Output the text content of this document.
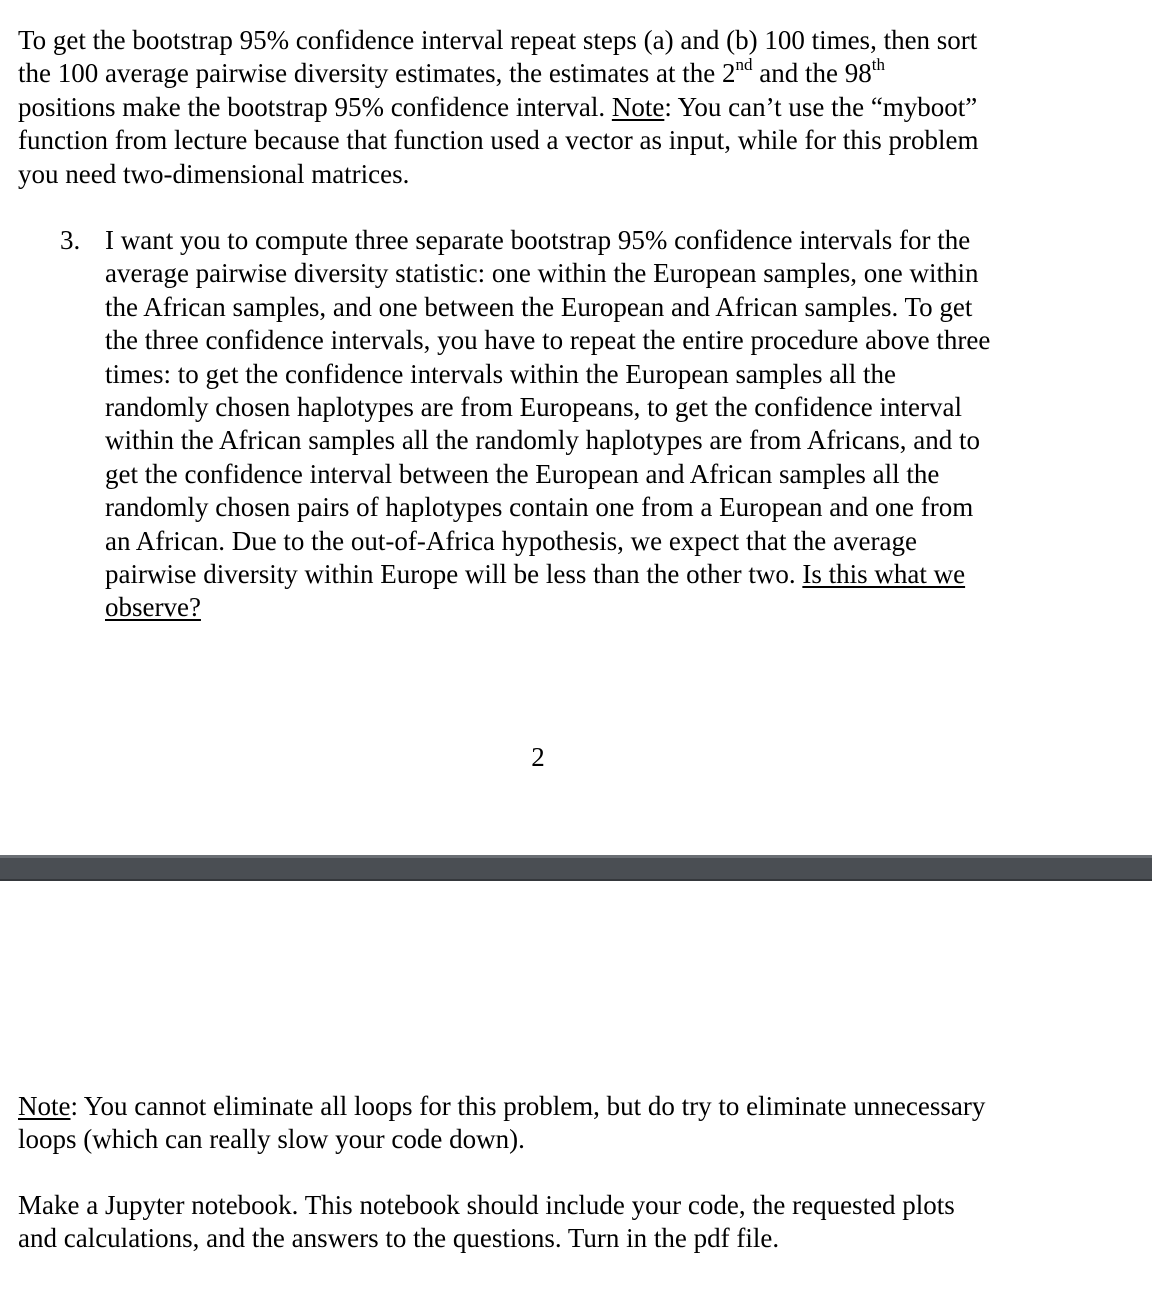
To get the bootstrap 95% confidence interval repeat steps (a) and (b) 100 times, then sort
the 100 average pairwise diversity estimates, the estimates at the 2nd and the 98th
positions make the bootstrap 95% confidence interval. Note: You can’t use the “myboot”
function from lecture because that function used a vector as input, while for this problem
you need two-dimensional matrices.
3. I want you to compute three separate bootstrap 95% confidence intervals for the
average pairwise diversity statistic: one within the European samples, one within
the African samples, and one between the European and African samples. To get
the three confidence intervals, you have to repeat the entire procedure above three
times: to get the confidence intervals within the European samples all the
randomly chosen haplotypes are from Europeans, to get the confidence interval
within the African samples all the randomly haplotypes are from Africans, and to
get the confidence interval between the European and African samples all the
randomly chosen pairs of haplotypes contain one from a European and one from
an African. Due to the out-of-Africa hypothesis, we expect that the average
pairwise diversity within Europe will be less than the other two. Is this what we
observe?
2
Note: You cannot eliminate all loops for this problem, but do try to eliminate unnecessary
loops (which can really slow your code down).
Make a Jupyter notebook. This notebook should include your code, the requested plots
and calculations, and the answers to the questions. Turn in the pdf file.
